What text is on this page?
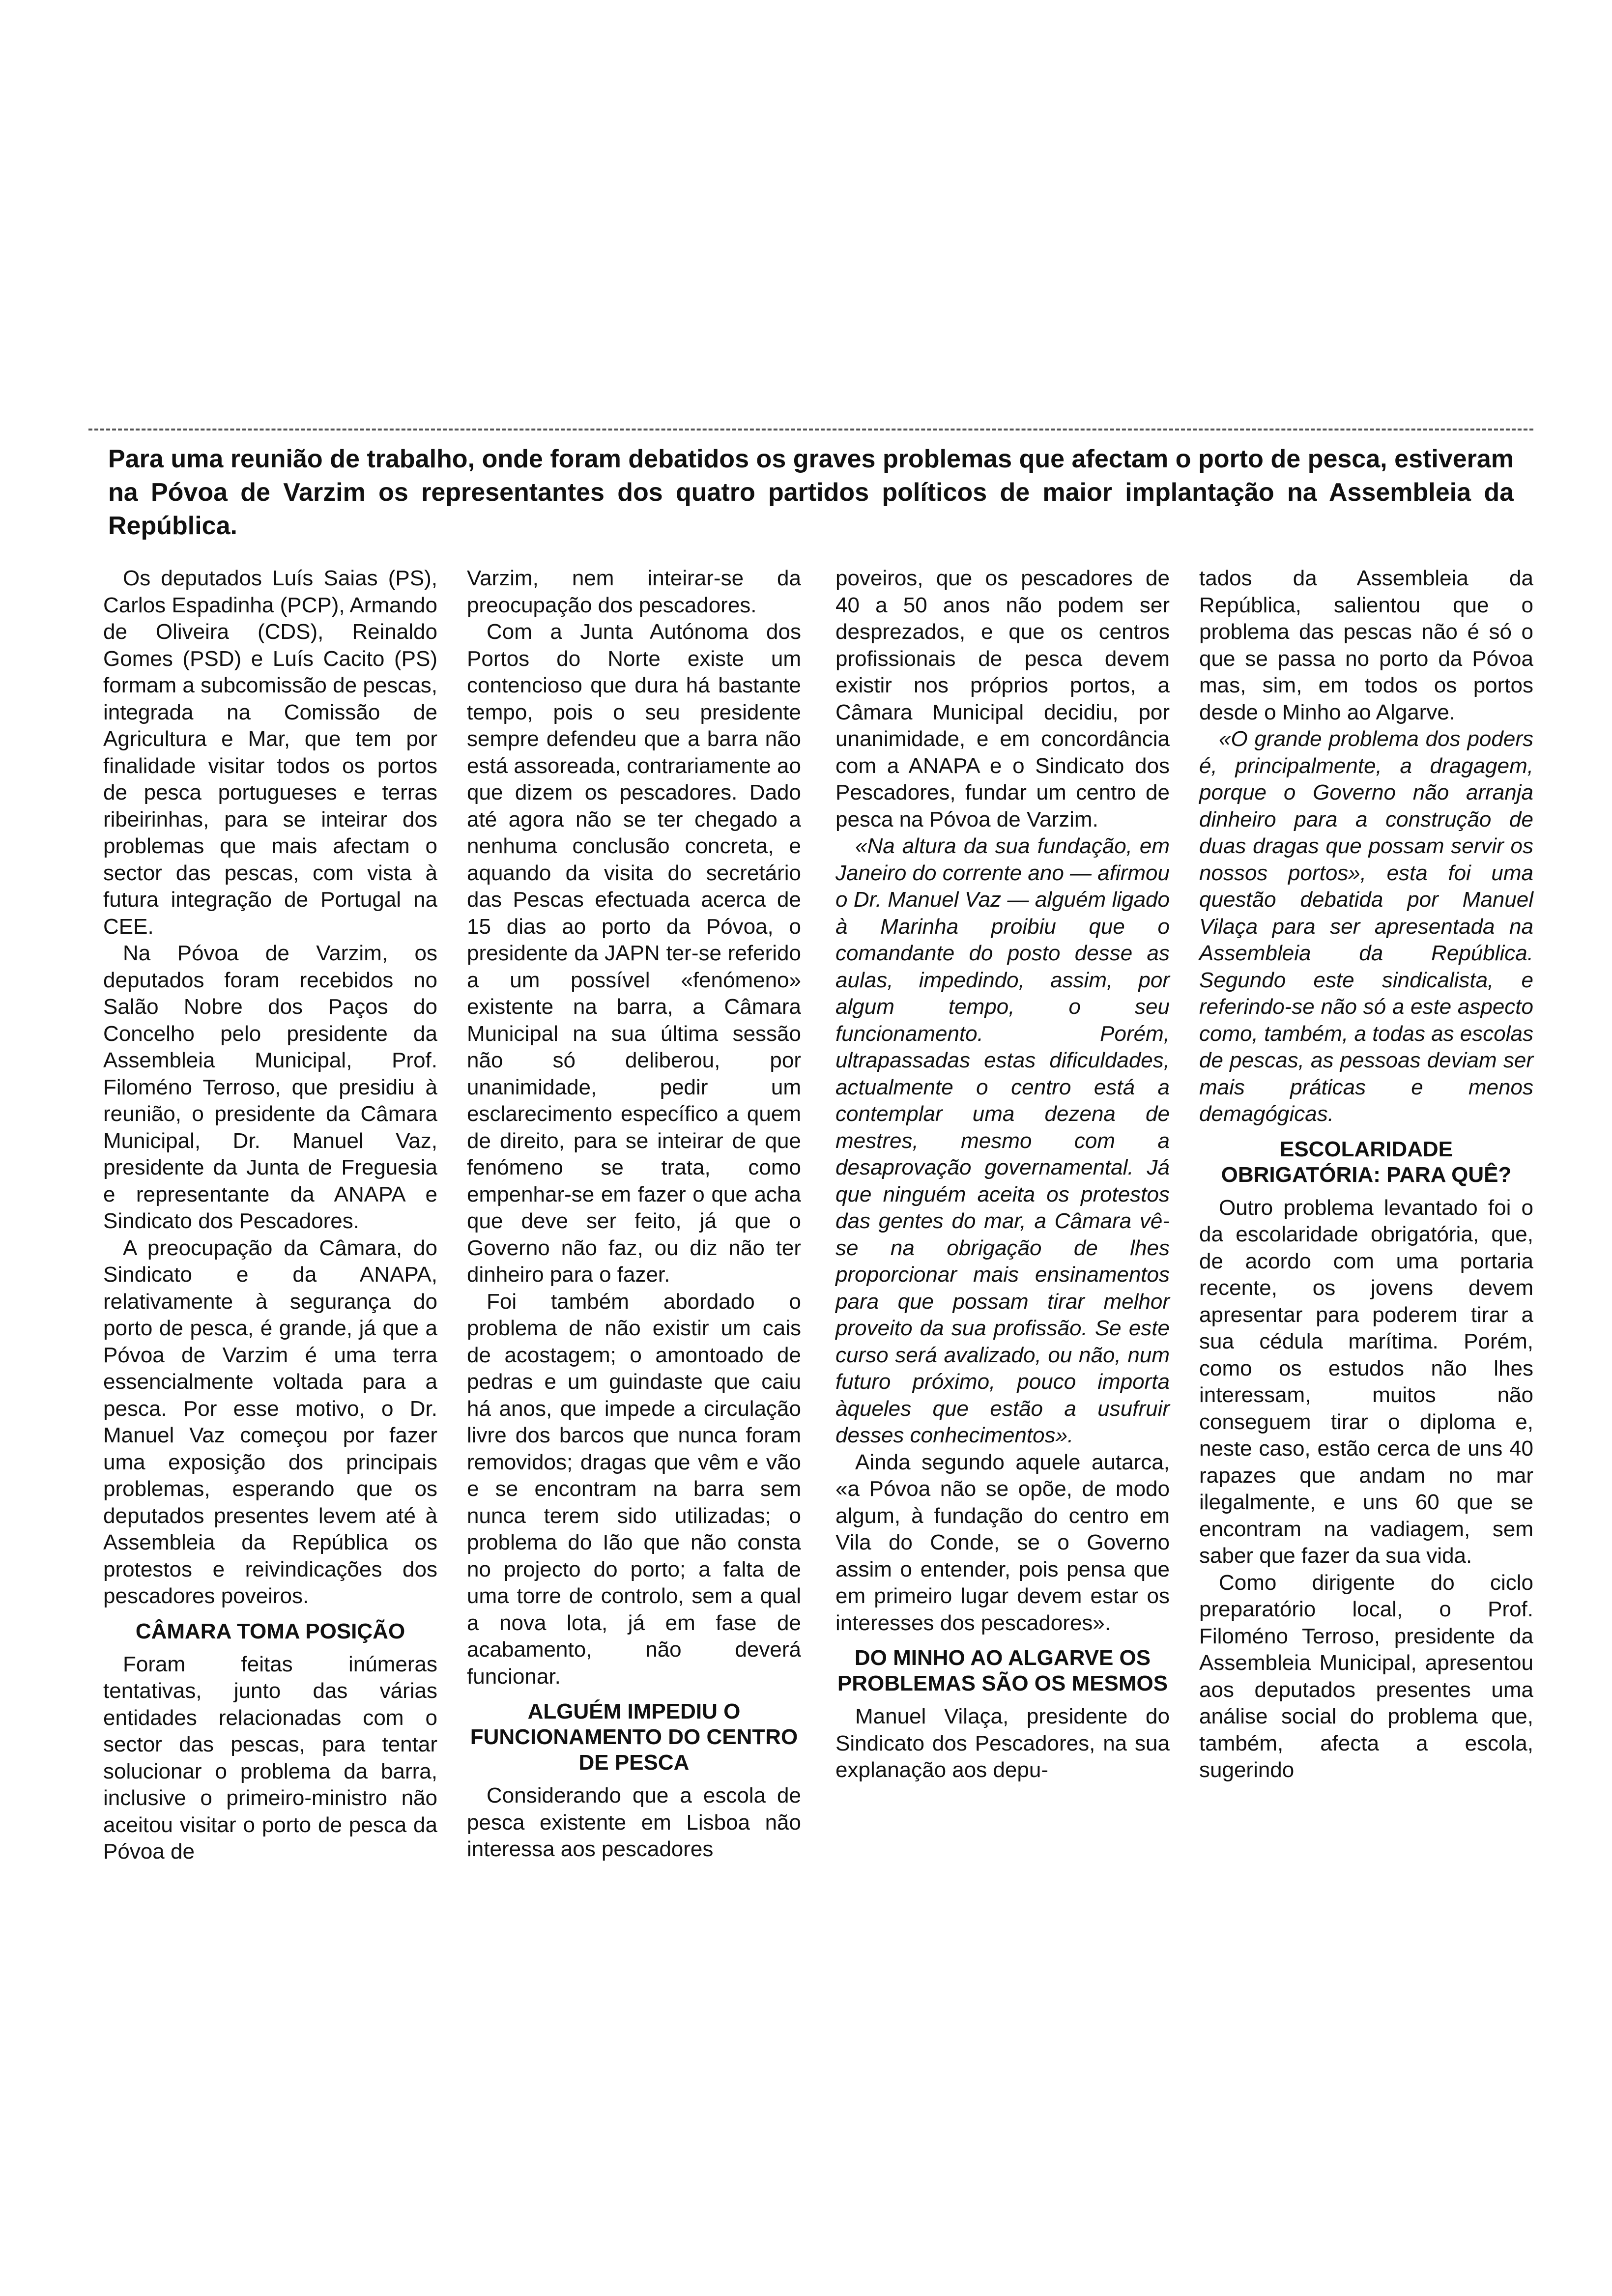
Para uma reunião de trabalho, onde foram debatidos os graves problemas que afectam o porto de pesca, estiveram na Póvoa de Varzim os representantes dos quatro partidos políticos de maior implantação na Assembleia da República.

Os deputados Luís Saias (PS), Carlos Espadinha (PCP), Armando de Oliveira (CDS), Reinaldo Gomes (PSD) e Luís Cacito (PS) formam a subcomissão de pescas, integrada na Comissão de Agricultura e Mar, que tem por finalidade visitar todos os portos de pesca portugueses e terras ribeirinhas, para se inteirar dos problemas que mais afectam o sector das pescas, com vista à futura integração de Portugal na CEE.

Na Póvoa de Varzim, os deputados foram recebidos no Salão Nobre dos Paços do Concelho pelo presidente da Assembleia Municipal, Prof. Filoméno Terroso, que presidiu à reunião, o presidente da Câmara Municipal, Dr. Manuel Vaz, presidente da Junta de Freguesia e representante da ANAPA e Sindicato dos Pescadores.

A preocupação da Câmara, do Sindicato e da ANAPA, relativamente à segurança do porto de pesca, é grande, já que a Póvoa de Varzim é uma terra essencialmente voltada para a pesca. Por esse motivo, o Dr. Manuel Vaz começou por fazer uma exposição dos principais problemas, esperando que os deputados presentes levem até à Assembleia da República os protestos e reivindicações dos pescadores poveiros.

CÂMARA TOMA POSIÇÃO

Foram feitas inúmeras tentativas, junto das várias entidades relacionadas com o sector das pescas, para tentar solucionar o problema da barra, inclusive o primeiro-ministro não aceitou visitar o porto de pesca da Póvoa de

Varzim, nem inteirar-se da preocupação dos pescadores.

Com a Junta Autónoma dos Portos do Norte existe um contencioso que dura há bastante tempo, pois o seu presidente sempre defendeu que a barra não está assoreada, contrariamente ao que dizem os pescadores. Dado até agora não se ter chegado a nenhuma conclusão concreta, e aquando da visita do secretário das Pescas efectuada acerca de 15 dias ao porto da Póvoa, o presidente da JAPN ter-se referido a um possível «fenómeno» existente na barra, a Câmara Municipal na sua última sessão não só deliberou, por unanimidade, pedir um esclarecimento específico a quem de direito, para se inteirar de que fenómeno se trata, como empenhar-se em fazer o que acha que deve ser feito, já que o Governo não faz, ou diz não ter dinheiro para o fazer.

Foi também abordado o problema de não existir um cais de acostagem; o amontoado de pedras e um guindaste que caiu há anos, que impede a circulação livre dos barcos que nunca foram removidos; dragas que vêm e vão e se encontram na barra sem nunca terem sido utilizadas; o problema do Ião que não consta no projecto do porto; a falta de uma torre de controlo, sem a qual a nova lota, já em fase de acabamento, não deverá funcionar.

ALGUÉM IMPEDIU O FUNCIONAMENTO DO CENTRO DE PESCA

Considerando que a escola de pesca existente em Lisboa não interessa aos pescadores

poveiros, que os pescadores de 40 a 50 anos não podem ser desprezados, e que os centros profissionais de pesca devem existir nos próprios portos, a Câmara Municipal decidiu, por unanimidade, e em concordância com a ANAPA e o Sindicato dos Pescadores, fundar um centro de pesca na Póvoa de Varzim.

«Na altura da sua fundação, em Janeiro do corrente ano — afirmou o Dr. Manuel Vaz — alguém ligado à Marinha proibiu que o comandante do posto desse as aulas, impedindo, assim, por algum tempo, o seu funcionamento. Porém, ultrapassadas estas dificuldades, actualmente o centro está a contemplar uma dezena de mestres, mesmo com a desaprovação governamental. Já que ninguém aceita os protestos das gentes do mar, a Câmara vê-se na obrigação de lhes proporcionar mais ensinamentos para que possam tirar melhor proveito da sua profissão. Se este curso será avalizado, ou não, num futuro próximo, pouco importa àqueles que estão a usufruir desses conhecimentos».

Ainda segundo aquele autarca, «a Póvoa não se opõe, de modo algum, à fundação do centro em Vila do Conde, se o Governo assim o entender, pois pensa que em primeiro lugar devem estar os interesses dos pescadores».

DO MINHO AO ALGARVE OS PROBLEMAS SÃO OS MESMOS

Manuel Vilaça, presidente do Sindicato dos Pescadores, na sua explanação aos depu-

tados da Assembleia da República, salientou que o problema das pescas não é só o que se passa no porto da Póvoa mas, sim, em todos os portos desde o Minho ao Algarve.

«O grande problema dos poders é, principalmente, a dragagem, porque o Governo não arranja dinheiro para a construção de duas dragas que possam servir os nossos portos», esta foi uma questão debatida por Manuel Vilaça para ser apresentada na Assembleia da República. Segundo este sindicalista, e referindo-se não só a este aspecto como, também, a todas as escolas de pescas, as pessoas deviam ser mais práticas e menos demagógicas.

ESCOLARIDADE OBRIGATÓRIA: PARA QUÊ?

Outro problema levantado foi o da escolaridade obrigatória, que, de acordo com uma portaria recente, os jovens devem apresentar para poderem tirar a sua cédula marítima. Porém, como os estudos não lhes interessam, muitos não conseguem tirar o diploma e, neste caso, estão cerca de uns 40 rapazes que andam no mar ilegalmente, e uns 60 que se encontram na vadiagem, sem saber que fazer da sua vida.

Como dirigente do ciclo preparatório local, o Prof. Filoméno Terroso, presidente da Assembleia Municipal, apresentou aos deputados presentes uma análise social do problema que, também, afecta a escola, sugerindo
